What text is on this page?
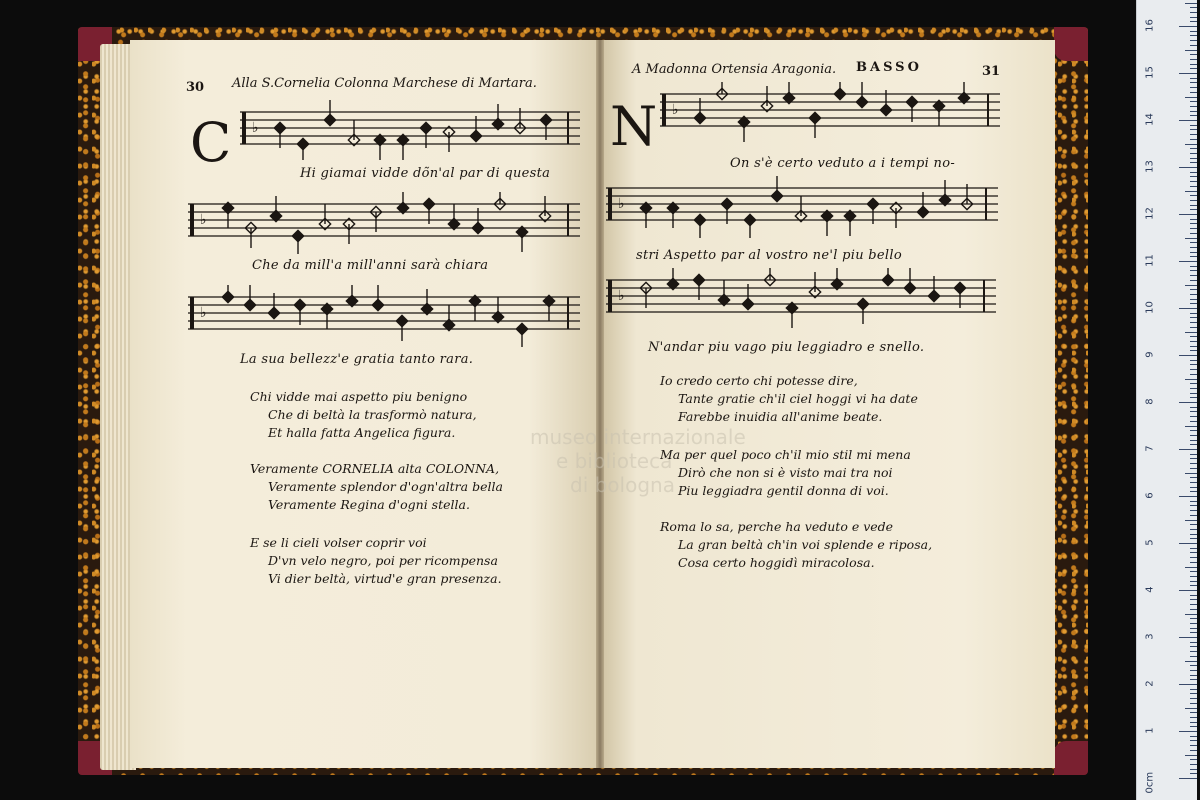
museo internazionale
e biblioteca
di bologna
30 Alla S.Cornelia Colonna Marchese di Martara.
C ♭
Hi giamai vidde dõn'al par di questa
♭
Che da mill'a mill'anni sarà chiara
♭
La sua bellezz'e gratia tanto rara.
Chi vidde mai aspetto piu benigno
Che di beltà la trasformò natura,
Et halla fatta Angelica figura.
Veramente CORNELIA alta COLONNA,
Veramente splendor d'ogn'altra bella
Veramente Regina d'ogni stella.
E se li cieli volser coprir voi
D'vn velo negro, poi per ricompensa
Vi dier beltà, virtud'e gran presenza.
A Madonna Ortensia Aragonia. BASSO	31
N ♭
On s'è certo veduto a i tempi no-
♭
stri Aspetto par al vostro ne'l piu bello
♭
N'andar piu vago piu leggiadro e snello.
Io credo certo chi potesse dire,
Tante gratie ch'il ciel hoggi vi ha date
Farebbe inuidia all'anime beate.
Ma per quel poco ch'il mio stil mi mena
Dirò che non si è visto mai tra noi
Piu leggiadra gentil donna di voi.
Roma lo sa, perche ha veduto e vede
La gran beltà ch'in voi splende e riposa,
Cosa certo hoggidì miracolosa.
1
2
3
4
5
6
7
8
9
10
11
12
13
14
15
16
0cm
